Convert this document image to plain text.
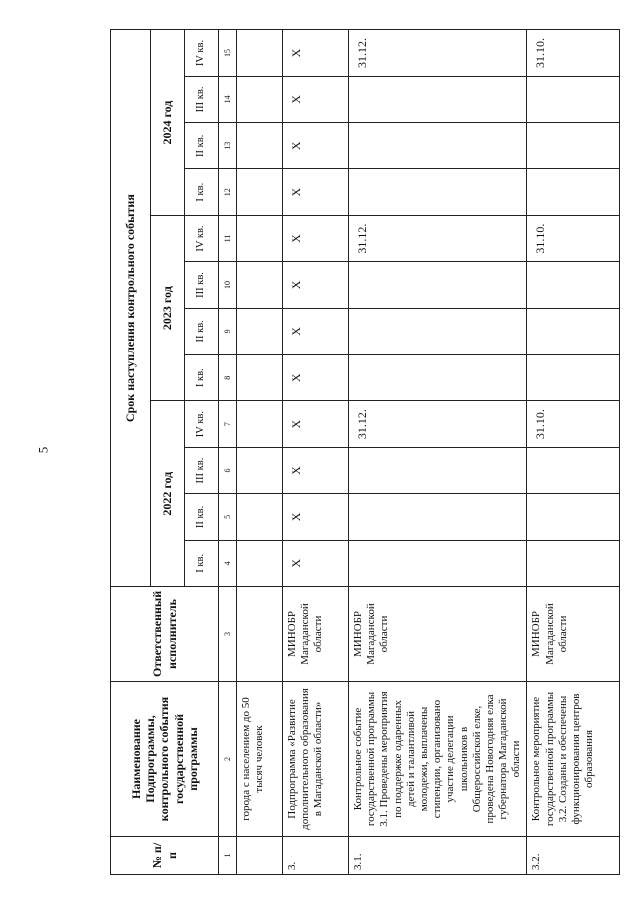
5
№ п/п	Наименование Подпрограммы, контрольного события государственной программы	Ответственный исполнитель	Срок наступления контрольного события											
			2022 год				2023 год				2024 год			
			I кв.	II кв.	III кв.	IV кв.	I кв.	II кв.	III кв.	IV кв.	I кв.	II кв.	III кв.	IV кв.
1	2	3	4	5	6	7	8	9	10	11	12	13	14	15
	города с населением до 50 тысяч человек													
3.	Подпрограмма «Развитие дополнительного образования в Магаданской области»	МИНОБР Магаданской области	X	X	X	X	X	X	X	X	X	X	X	X
3.1.	Контрольное событие государственной программы 3.1. Проведены мероприятия по поддержке одаренных детей и талантливой молодежи, выплачены стипендии, организовано участие делегации школьников в Общероссийской елке, проведена Новогодняя елка губернатора Магаданской области	МИНОБР Магаданской области				31.12.				31.12.				31.12.
3.2.	Контрольное мероприятие государственной программы 3.2. Созданы и обеспечены функционирования центров образования	МИНОБР Магаданской области				31.10.				31.10.				31.10.
